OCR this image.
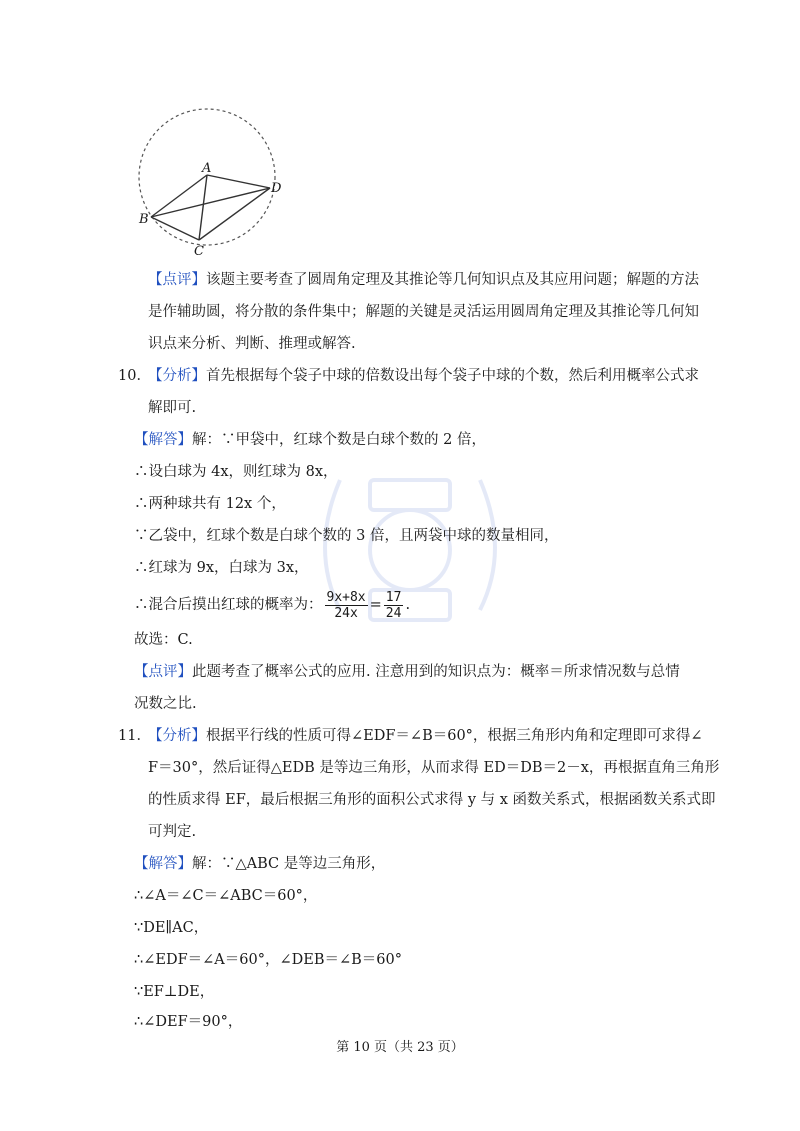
A
B
C
D
【点评】该题主要考查了圆周角定理及其推论等几何知识点及其应用问题；解题的方法
是作辅助圆，将分散的条件集中；解题的关键是灵活运用圆周角定理及其推论等几何知
识点来分析、判断、推理或解答.
10．
【分析】首先根据每个袋子中球的倍数设出每个袋子中球的个数，然后利用概率公式求
解即可.
【解答】解：∵甲袋中，红球个数是白球个数的 2 倍，
∴设白球为 4x，则红球为 8x，
∴两种球共有 12x 个，
∵乙袋中，红球个数是白球个数的 3 倍，且两袋中球的数量相同，
∴红球为 9x，白球为 3x，
∴混合后摸出红球的概率为： $\frac{9x+8x}{24x} = \frac{17}{24}$ .
故选：C.
【点评】此题考查了概率公式的应用. 注意用到的知识点为：概率＝所求情况数与总情
况数之比.
11．
【分析】根据平行线的性质可得∠EDF＝∠B＝60°，根据三角形内角和定理即可求得∠
F＝30°，然后证得△EDB 是等边三角形，从而求得 ED＝DB＝2－x，再根据直角三角形
的性质求得 EF，最后根据三角形的面积公式求得 y 与 x 函数关系式，根据函数关系式即
可判定.
【解答】解：∵△ABC 是等边三角形，
∴∠A＝∠C＝∠ABC＝60°，
∵DE∥AC，
∴∠EDF＝∠A＝60°，∠DEB＝∠B＝60°
∵EF⊥DE，
∴∠DEF＝90°，
第 10 页（共 23 页）
